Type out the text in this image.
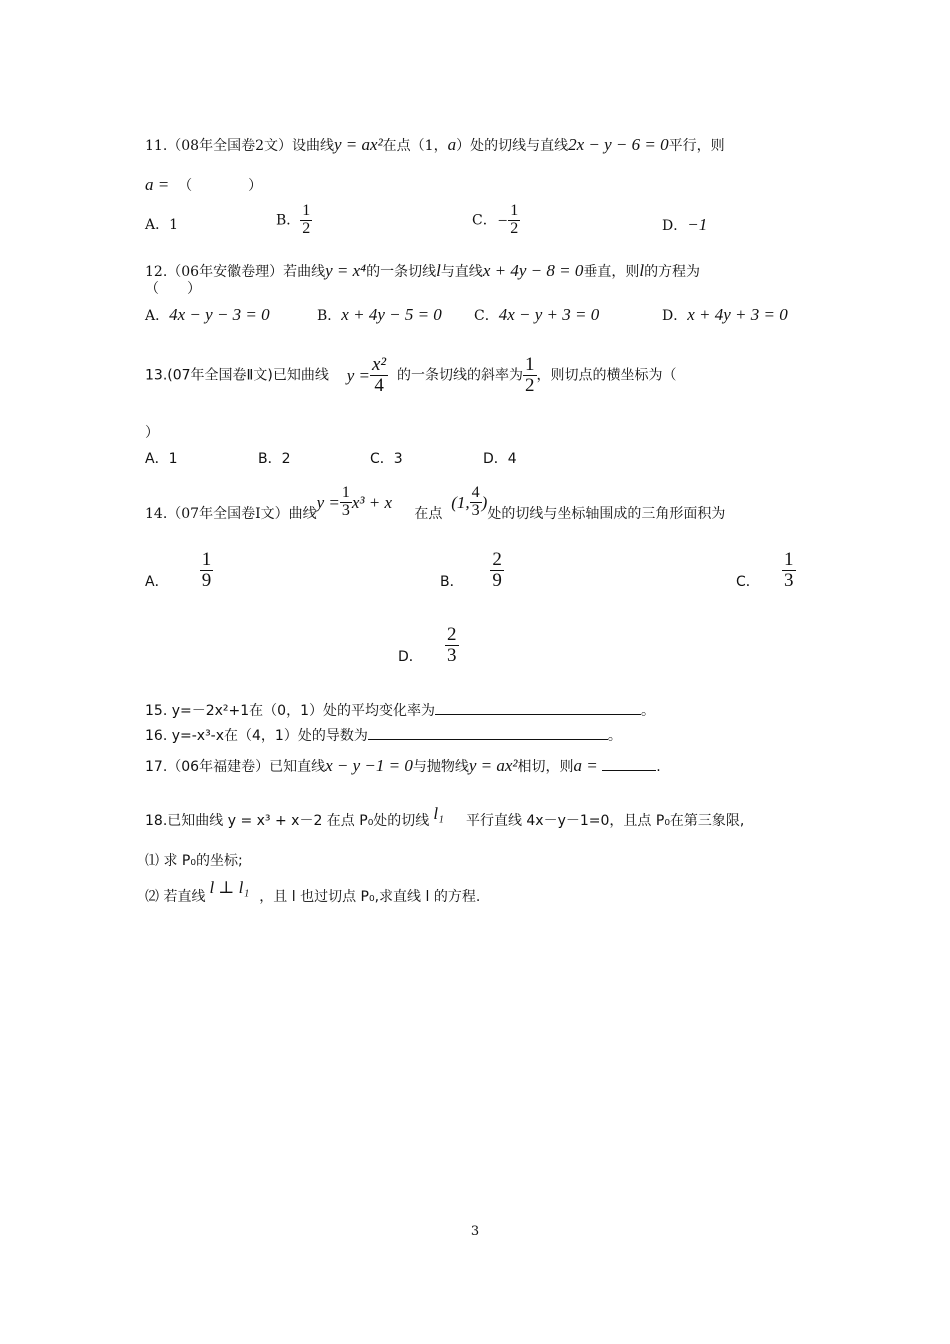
11.（08年全国卷2文）设曲线y = ax²在点（1，a）处的切线与直线2x − y − 6 = 0平行，则
a = （　　　　）
A．1	B． $\frac{1}{2}$	C．− $\frac{1}{2}$	D．−1
12.（06年安徽卷理）若曲线y = x⁴的一条切线l与直线x + 4y − 8 = 0垂直，则l的方程为
（　　）
A．4x − y − 3 = 0	B．x + 4y − 5 = 0 C．4x − y + 3 = 0	D．x + 4y + 3 = 0
13.(07年全国卷Ⅱ文)已知曲线 $y = \frac{\text{x²}}{4}$ 的一条切线的斜率为 $\frac{1}{2}$ ，则切点的横坐标为（
）
A．1	B．2	C．3	D．4
14.（07年全国卷Ⅰ文）曲线$y = \frac{1}{3} x^3 + x$     在点  (1, $\frac{4}{3}$ )处的切线与坐标轴围成的三角形面积为
A． $\frac{1}{9}$	B． $\frac{2}{9}$	C． $\frac{1}{3}$
D． $\frac{2}{3}$
15. y=－2x²+1在（0，1）处的平均变化率为	。
16. y=-x³-x在（4，1）处的导数为	。
17.（06年福建卷）已知直线x − y −1 = 0与抛物线y = ax²相切，则a =	.
18.已知曲线 y = x³ + x－2 在点 P₀处的切线 l₁ 平行直线 4x－y－1=0，且点 P₀在第三象限,
⑴ 求 P₀的坐标;
⑵ 若直线 l ⊥ l₁ ，且 l 也过切点 P₀,求直线 l 的方程.
3
